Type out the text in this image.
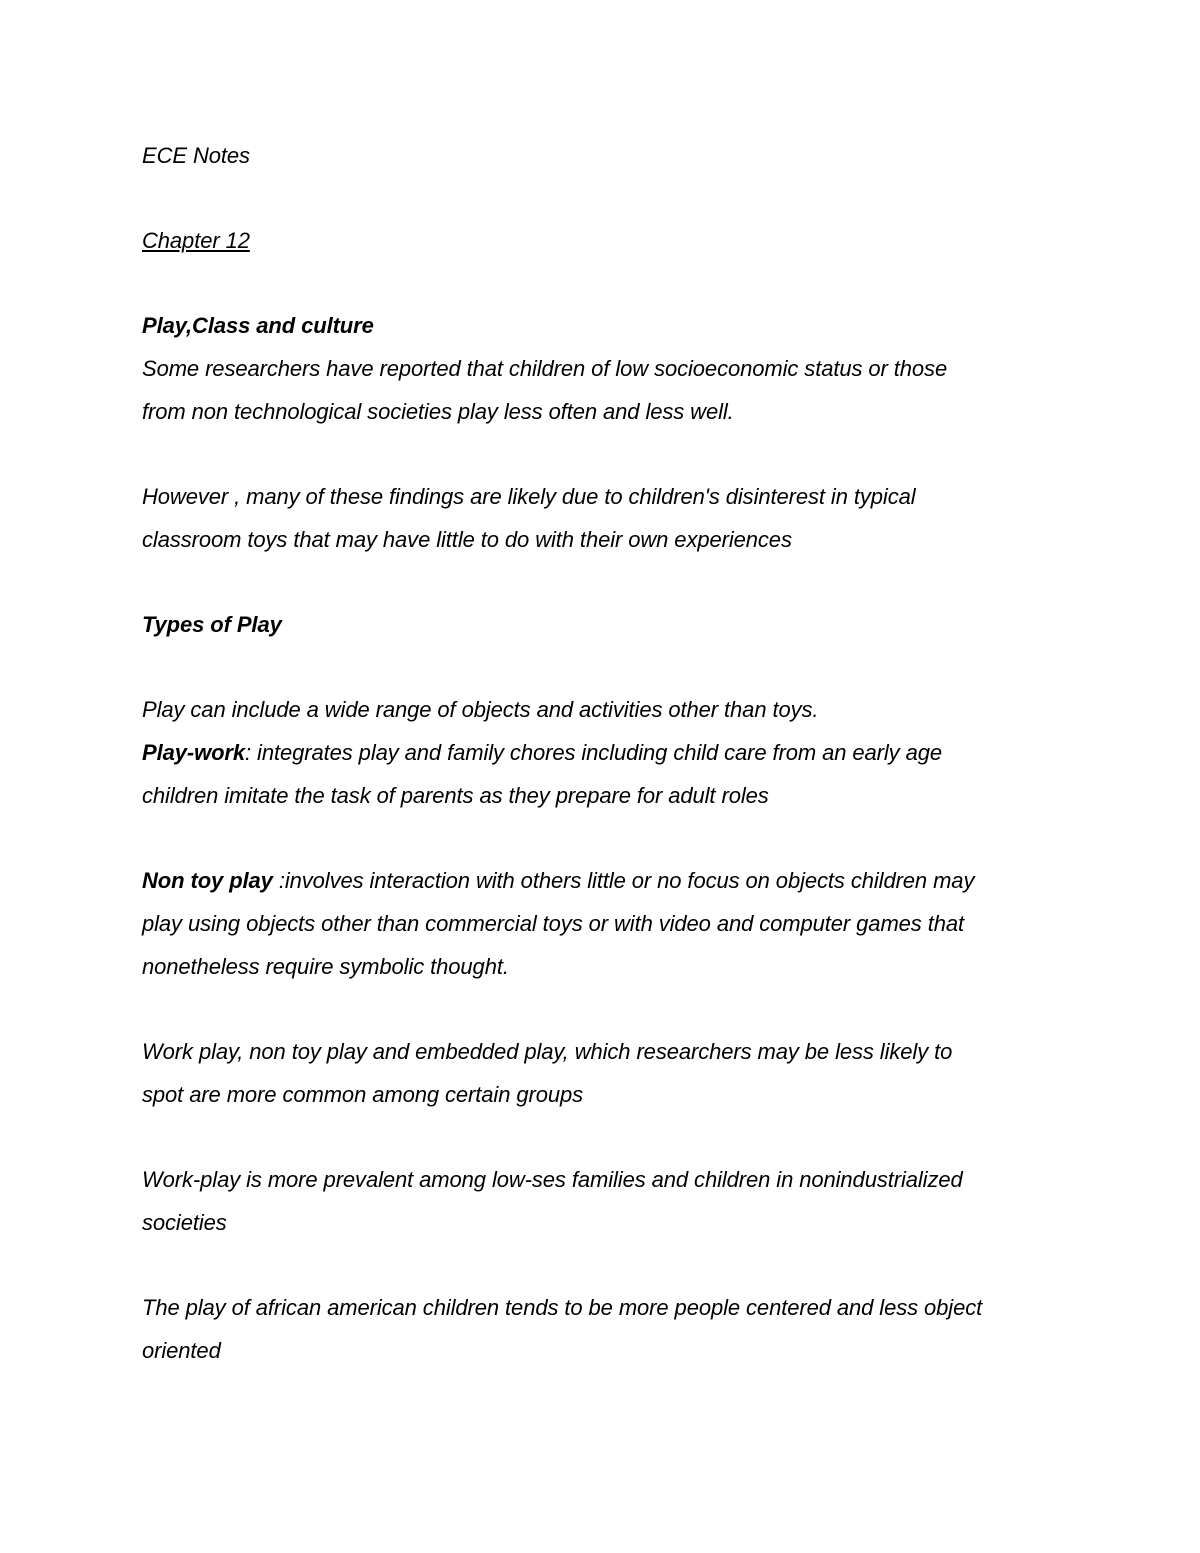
ECE Notes
Chapter 12
Play,Class and culture
Some researchers have reported that children of low socioeconomic status or those
from non technological societies play less often and less well.
However , many of these findings are likely due to children's disinterest in typical
classroom toys that may have little to do with their own experiences
Types of Play
Play can include a wide range of objects and activities other than toys.
Play-work: integrates play and family chores including child care from an early age
children imitate the task of parents as they prepare for adult roles
Non toy play :involves interaction with others little or no focus on objects children may
play using objects other than commercial toys or with video and computer games that
nonetheless require symbolic thought.
Work play, non toy play and embedded play, which researchers may be less likely to
spot are more common among certain groups
Work-play is more prevalent among low-ses families and children in nonindustrialized
societies
The play of african american children tends to be more people centered and less object
oriented
